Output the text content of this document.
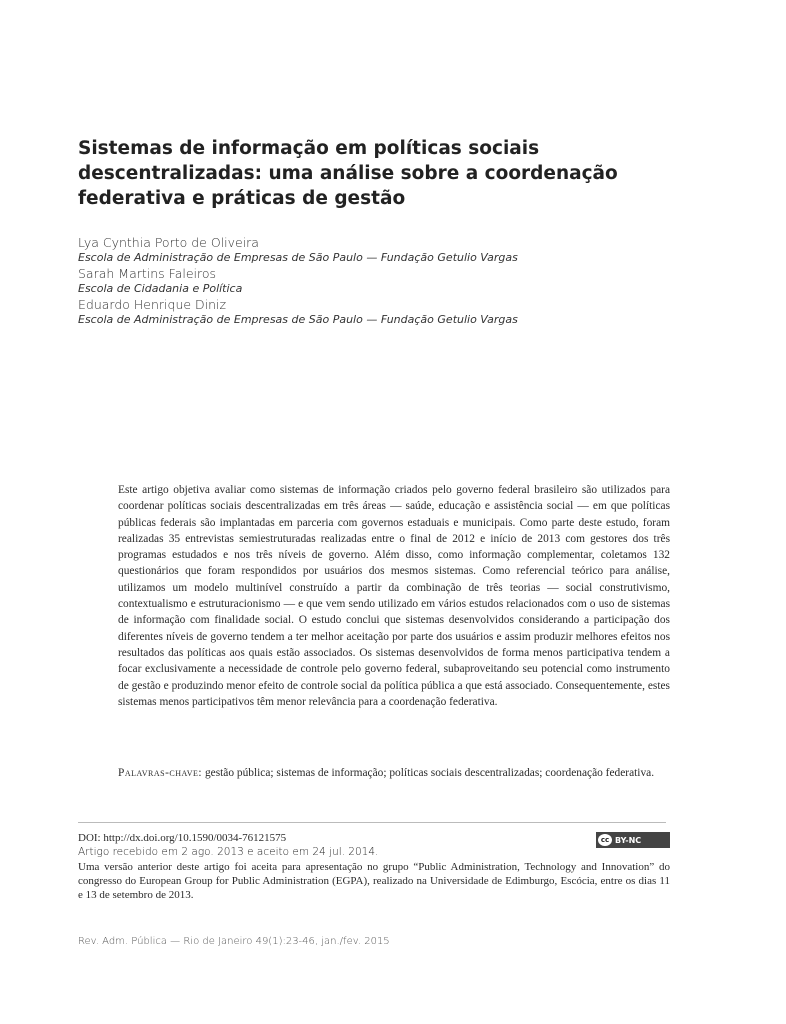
Sistemas de informação em políticas sociais descentralizadas: uma análise sobre a coordenação federativa e práticas de gestão
Lya Cynthia Porto de Oliveira
Escola de Administração de Empresas de São Paulo — Fundação Getulio Vargas
Sarah Martins Faleiros
Escola de Cidadania e Política
Eduardo Henrique Diniz
Escola de Administração de Empresas de São Paulo — Fundação Getulio Vargas

Este artigo objetiva avaliar como sistemas de informação criados pelo governo federal brasileiro são utilizados para coordenar políticas sociais descentralizadas em três áreas — saúde, educação e assistência social — em que políticas públicas federais são implantadas em parceria com governos estaduais e municipais. Como parte deste estudo, foram realizadas 35 entrevistas semiestruturadas realizadas entre o final de 2012 e início de 2013 com gestores dos três programas estudados e nos três níveis de governo. Além disso, como informação complementar, coletamos 132 questionários que foram respondidos por usuários dos mesmos sistemas. Como referencial teórico para análise, utilizamos um modelo multinível construído a partir da combinação de três teorias — social construtivismo, contextualismo e estruturacionismo — e que vem sendo utilizado em vários estudos relacionados com o uso de sistemas de informação com finalidade social. O estudo conclui que sistemas desenvolvidos considerando a participação dos diferentes níveis de governo tendem a ter melhor aceitação por parte dos usuários e assim produzir melhores efeitos nos resultados das políticas aos quais estão associados. Os sistemas desenvolvidos de forma menos participativa tendem a focar exclusivamente a necessidade de controle pelo governo federal, subaproveitando seu potencial como instrumento de gestão e produzindo menor efeito de controle social da política pública a que está associado. Consequentemente, estes sistemas menos participativos têm menor relevância para a coordenação federativa.

Palavras-chave: gestão pública; sistemas de informação; políticas sociais descentralizadas; coordenação federativa.

DOI: http://dx.doi.org/10.1590/0034-76121575

Artigo recebido em 2 ago. 2013 e aceito em 24 jul. 2014.

Uma versão anterior deste artigo foi aceita para apresentação no grupo “Public Administration, Technology and Innovation” do congresso do European Group for Public Administration (EGPA), realizado na Universidade de Edimburgo, Escócia, entre os dias 11 e 13 de setembro de 2013.

cc BY-NC
Rev. Adm. Pública — Rio de Janeiro 49(1):23-46, jan./fev. 2015
